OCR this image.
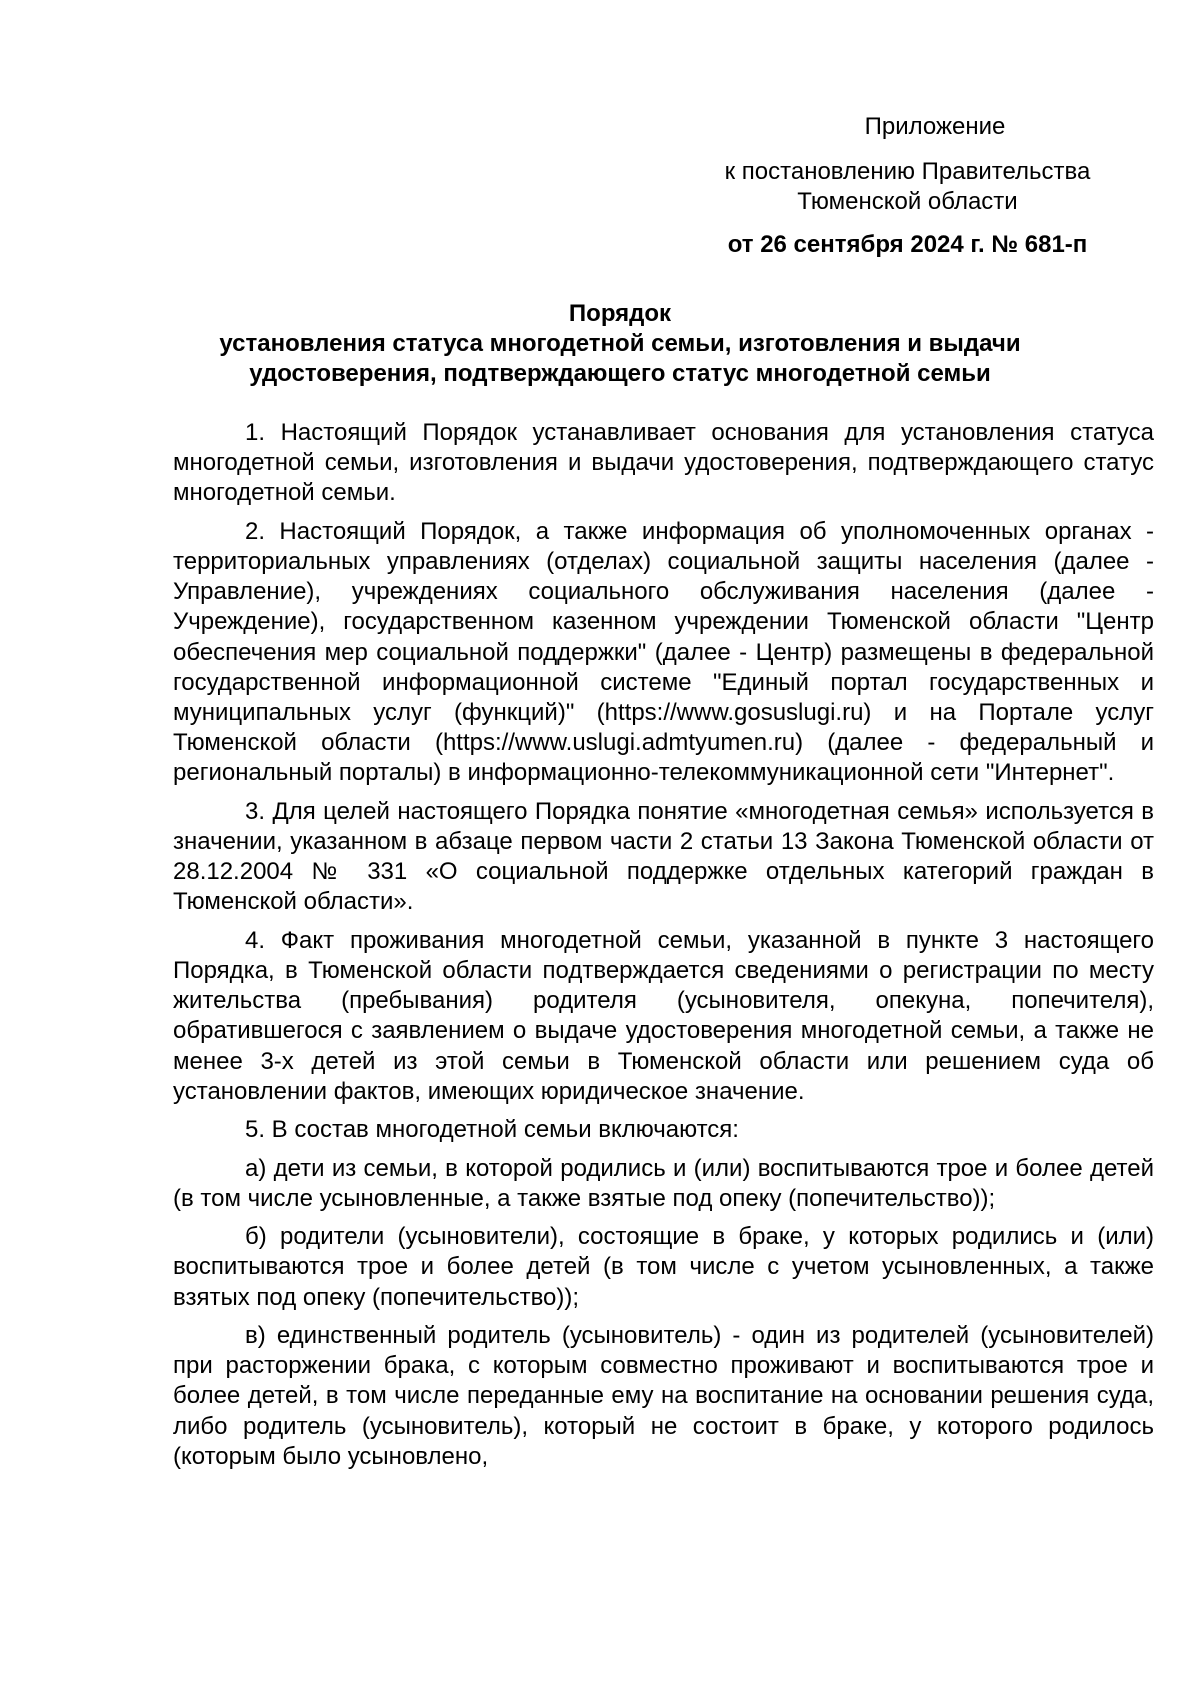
Приложение
к постановлению Правительства
Тюменской области
от 26 сентября 2024 г. № 681-п
Порядок
установления статуса многодетной семьи, изготовления и выдачи
удостоверения, подтверждающего статус многодетной семьи

1. Настоящий Порядок устанавливает основания для установления статуса многодетной семьи, изготовления и выдачи удостоверения, подтверждающего статус многодетной семьи.

2. Настоящий Порядок, а также информация об уполномоченных органах - территориальных управлениях (отделах) социальной защиты населения (далее - Управление), учреждениях социального обслуживания населения (далее - Учреждение), государственном казенном учреждении Тюменской области "Центр обеспечения мер социальной поддержки" (далее - Центр) размещены в федеральной государственной информационной системе "Единый портал государственных и муниципальных услуг (функций)" (https://www.gosuslugi.ru) и на Портале услуг Тюменской области (https://www.uslugi.admtyumen.ru) (далее - федеральный и региональный порталы) в информационно-телекоммуникационной сети "Интернет".

3. Для целей настоящего Порядка понятие «многодетная семья» используется в значении, указанном в абзаце первом части 2 статьи 13 Закона Тюменской области от 28.12.2004 № 331 «О социальной поддержке отдельных категорий граждан в Тюменской области».

4. Факт проживания многодетной семьи, указанной в пункте 3 настоящего Порядка, в Тюменской области подтверждается сведениями о регистрации по месту жительства (пребывания) родителя (усыновителя, опекуна, попечителя), обратившегося с заявлением о выдаче удостоверения многодетной семьи, а также не менее 3-х детей из этой семьи в Тюменской области или решением суда об установлении фактов, имеющих юридическое значение.

5. В состав многодетной семьи включаются:

а) дети из семьи, в которой родились и (или) воспитываются трое и более детей (в том числе усыновленные, а также взятые под опеку (попечительство));

б) родители (усыновители), состоящие в браке, у которых родились и (или) воспитываются трое и более детей (в том числе с учетом усыновленных, а также взятых под опеку (попечительство));

в) единственный родитель (усыновитель) - один из родителей (усыновителей) при расторжении брака, с которым совместно проживают и воспитываются трое и более детей, в том числе переданные ему на воспитание на основании решения суда, либо родитель (усыновитель), который не состоит в браке, у которого родилось (которым было усыновлено,
